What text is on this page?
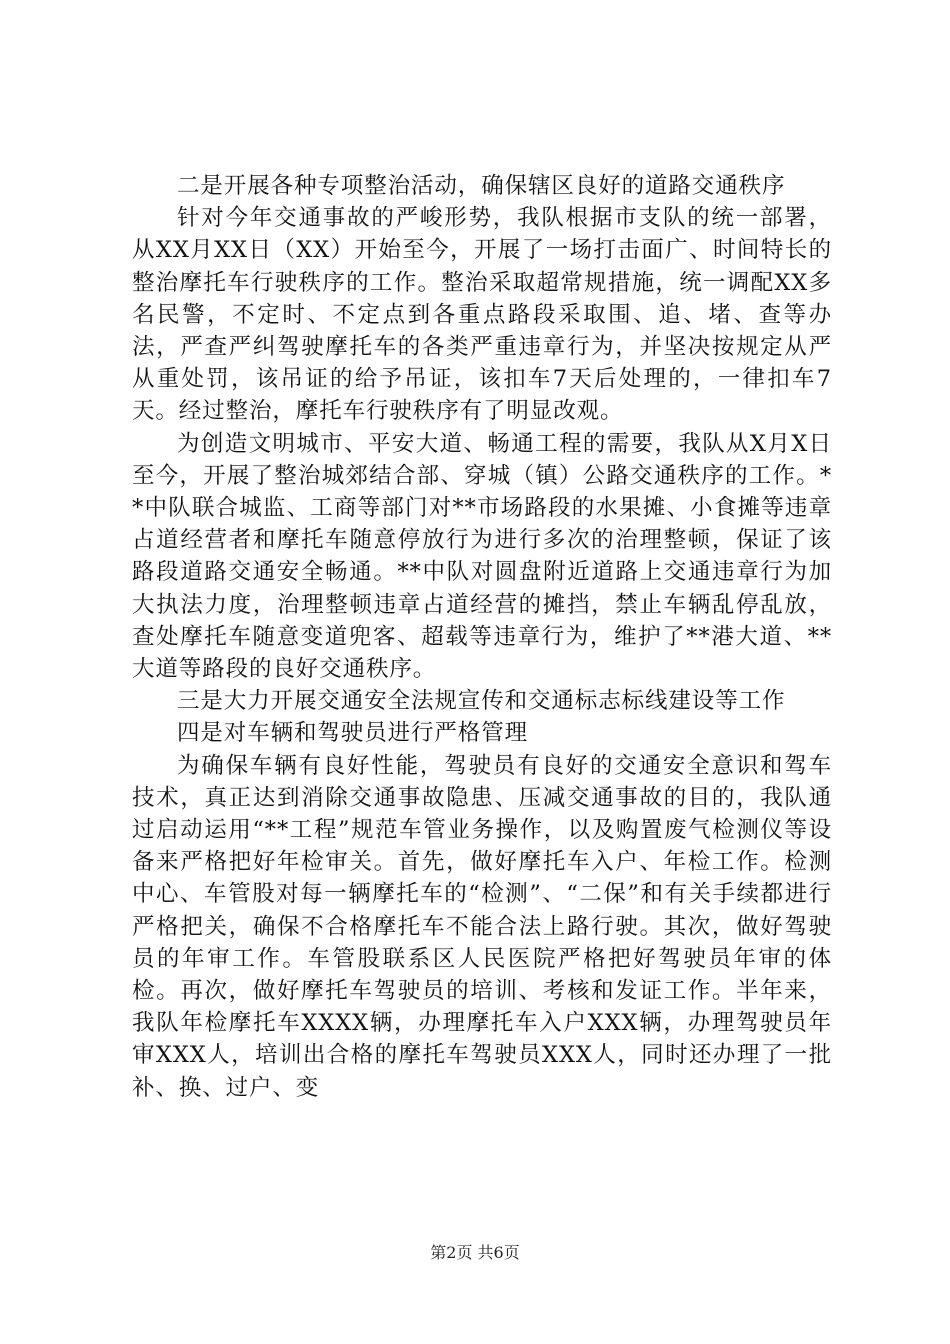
二是开展各种专项整治活动，确保辖区良好的道路交通秩序

针对今年交通事故的严峻形势，我队根据市支队的统一部署，从XX月XX日（XX）开始至今，开展了一场打击面广、时间特长的整治摩托车行驶秩序的工作。整治采取超常规措施，统一调配XX多名民警，不定时、不定点到各重点路段采取围、追、堵、查等办法，严查严纠驾驶摩托车的各类严重违章行为，并坚决按规定从严从重处罚，该吊证的给予吊证，该扣车7天后处理的，一律扣车7天。经过整治，摩托车行驶秩序有了明显改观。

为创造文明城市、平安大道、畅通工程的需要，我队从X月X日至今，开展了整治城郊结合部、穿城（镇）公路交通秩序的工作。**中队联合城监、工商等部门对**市场路段的水果摊、小食摊等违章占道经营者和摩托车随意停放行为进行多次的治理整顿，保证了该路段道路交通安全畅通。**中队对圆盘附近道路上交通违章行为加大执法力度，治理整顿违章占道经营的摊挡，禁止车辆乱停乱放，查处摩托车随意变道兜客、超载等违章行为，维护了**港大道、**大道等路段的良好交通秩序。

三是大力开展交通安全法规宣传和交通标志标线建设等工作

四是对车辆和驾驶员进行严格管理

为确保车辆有良好性能，驾驶员有良好的交通安全意识和驾车技术，真正达到消除交通事故隐患、压减交通事故的目的，我队通过启动运用“**工程”规范车管业务操作，以及购置废气检测仪等设备来严格把好年检审关。首先，做好摩托车入户、年检工作。检测中心、车管股对每一辆摩托车的“检测”、“二保”和有关手续都进行严格把关，确保不合格摩托车不能合法上路行驶。其次，做好驾驶员的年审工作。车管股联系区人民医院严格把好驾驶员年审的体检。再次，做好摩托车驾驶员的培训、考核和发证工作。半年来，我队年检摩托车XXXX辆，办理摩托车入户XXX辆，办理驾驶员年审XXX人，培训出合格的摩托车驾驶员XXX人，同时还办理了一批补、换、过户、变

第2页 共6页
